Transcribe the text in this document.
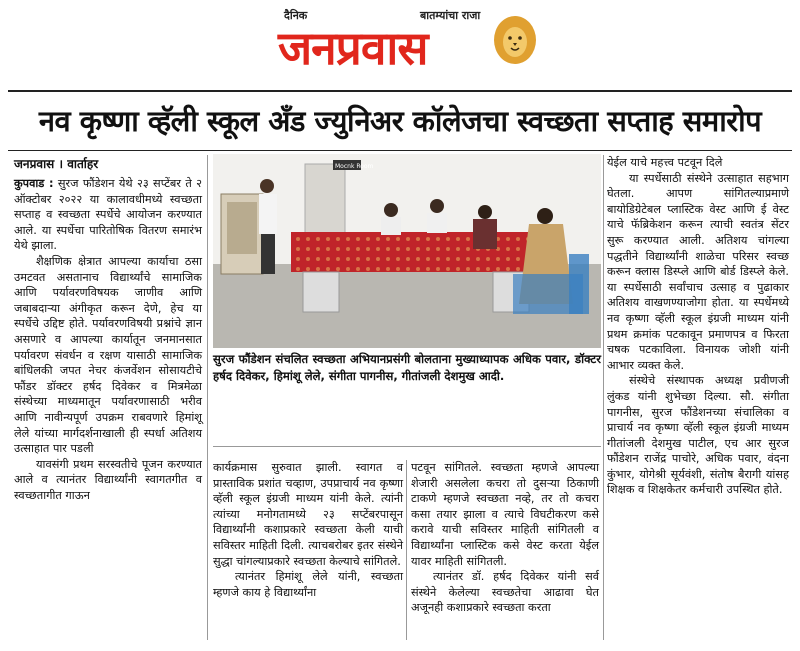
दैनिक	बातम्यांचा राजा
जनप्रवास
नव कृष्णा व्हॅली स्कूल अँड ज्युनिअर कॉलेजचा स्वच्छता सप्ताह समारोप
जनप्रवास । वार्ताहर

कुपवाड : सुरज फौंडेशन येथे २३ सप्टेंबर ते २ ऑक्टोबर २०२२ या कालावधीमध्ये स्वच्छता सप्ताह व स्वच्छता स्पर्धेचे आयोजन करण्यात आले. या स्पर्धेचा पारितोषिक वितरण समारंभ येथे झाला.

शैक्षणिक क्षेत्रात आपल्या कार्याचा ठसा उमटवत असतानाच विद्यार्थ्यांचे सामाजिक आणि पर्यावरणविषयक जाणीव आणि जबाबदाऱ्या अंगीकृत करून देणे, हेच या स्पर्धेचे उद्दिष्ट होते. पर्यावरणविषयी प्रश्नांचे ज्ञान असणारे व आपल्या कार्यातून जनमानसात पर्यावरण संवर्धन व रक्षण यासाठी सामाजिक बांधिलकी जपत नेचर कंजर्वेशन सोसायटीचे फौंडर डॉक्टर हर्षद दिवेकर व मित्रमेळा संस्थेच्या माध्यमातून पर्यावरणासाठी भरीव आणि नावीन्यपूर्ण उपक्रम राबवणारे हिमांशू लेले यांच्या मार्गदर्शनाखाली ही स्पर्धा अतिशय उत्साहात पार पडली

यावसंगी प्रथम सरस्वतीचे पूजन करण्यात आले व त्यानंतर विद्यार्थ्यांनी स्वागतगीत व स्वच्छतागीत गाऊन

Mocnk Room
सुरज फौंडेशन संचलित स्वच्छता अभियानप्रसंगी बोलताना मुख्याध्यापक अधिक पवार, डॉक्टर हर्षद दिवेकर, हिमांशू लेले, संगीता पागनीस, गीतांजली देशमुख आदी.

कार्यक्रमास सुरुवात झाली. स्वागत व प्रास्ताविक प्रशांत चव्हाण, उपप्राचार्य नव कृष्णा व्हॅली स्कूल इंग्रजी माध्यम यांनी केले. त्यांनी त्यांच्या मनोगतामध्ये २३ सप्टेंबरपासून विद्यार्थ्यांनी कशाप्रकारे स्वच्छता केली याची सविस्तर माहिती दिली. त्याचबरोबर इतर संस्थेने सुद्धा चांगल्याप्रकारे स्वच्छता केल्याचे सांगितले.

त्यानंतर हिमांशू लेले यांनी, स्वच्छता म्हणजे काय हे विद्यार्थ्यांना

पटवून सांगितले. स्वच्छता म्हणजे आपल्या शेजारी असलेला कचरा तो दुसऱ्या ठिकाणी टाकणे म्हणजे स्वच्छता नव्हे, तर तो कचरा कसा तयार झाला व त्याचे विघटीकरण कसे करावे याची सविस्तर माहिती सांगितली व विद्यार्थ्यांना प्लास्टिक कसे वेस्ट करता येईल यावर माहिती सांगितली.

त्यानंतर डॉ. हर्षद दिवेकर यांनी सर्व संस्थेने केलेल्या स्वच्छतेचा आढावा घेत अजूनही कशाप्रकारे स्वच्छता करता

येईल याचे महत्त्व पटवून दिले

या स्पर्धेसाठी संस्थेने उत्साहात सहभाग घेतला. आपण सांगितल्याप्रमाणे बायोडिग्रेटेबल प्लास्टिक वेस्ट आणि ई वेस्ट याचे फॅब्रिकेशन करून त्याची स्वतंत्र सेंटर सुरू करण्यात आली. अतिशय चांगल्या पद्धतीने विद्यार्थ्यांनी शाळेचा परिसर स्वच्छ करून क्लास डिस्प्ले आणि बोर्ड डिस्प्ले केले. या स्पर्धेसाठी सर्वांचाच उत्साह व पुढाकार अतिशय वाखणण्याजोगा होता. या स्पर्धेमध्ये नव कृष्णा व्हॅली स्कूल इंग्रजी माध्यम यांनी प्रथम क्रमांक पटकावून प्रमाणपत्र व फिरता चषक पटकाविला. विनायक जोशी यांनी आभार व्यक्त केले.

संस्थेचे संस्थापक अध्यक्ष प्रवीणजी लुंकड यांनी शुभेच्छा दिल्या. सौ. संगीता पागनीस, सुरज फौंडेशनच्या संचालिका व प्राचार्य नव कृष्णा व्हॅली स्कूल इंग्रजी माध्यम गीतांजली देशमुख पाटील, एच आर सुरज फौंडेशन राजेंद्र पाचोरे, अधिक पवार, वंदना कुंभार, योगेश्री सूर्यवंशी, संतोष बैरागी यांसह शिक्षक व शिक्षकेतर कर्मचारी उपस्थित होते.
